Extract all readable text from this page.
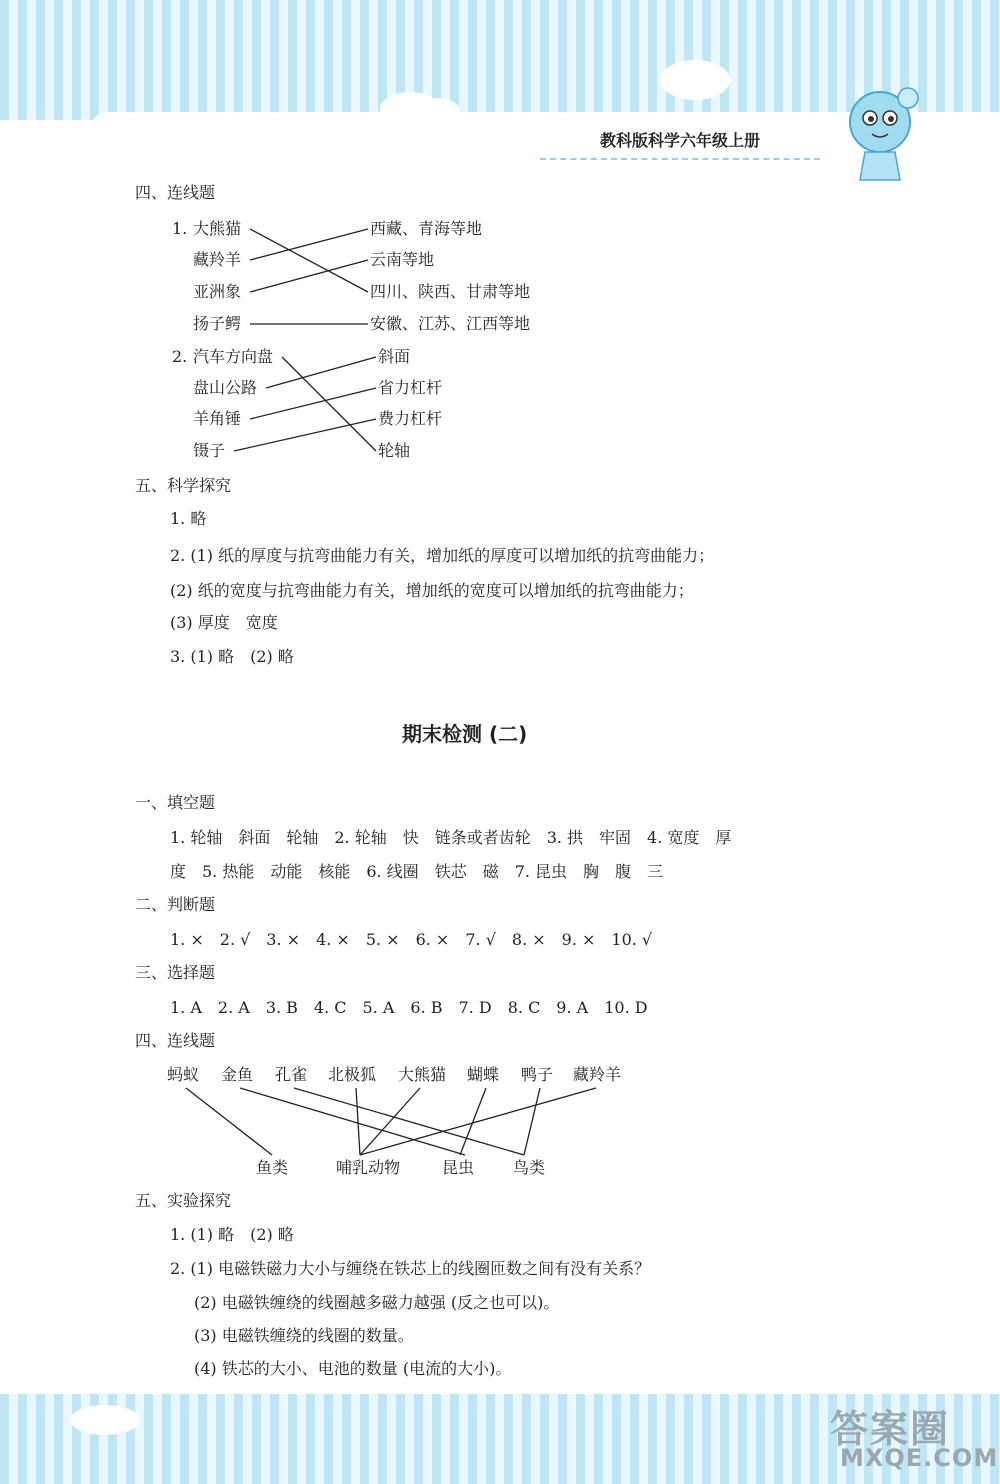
教科版科学六年级上册
答案圈
MXQE.COM
四、连线题
1. 大熊猫
藏羚羊
亚洲象
扬子鳄
西藏、青海等地
云南等地
四川、陕西、甘肃等地
安徽、江苏、江西等地
2. 汽车方向盘
盘山公路
羊角锤
镊子
斜面
省力杠杆
费力杠杆
轮轴
五、科学探究
1. 略
2. (1) 纸的厚度与抗弯曲能力有关，增加纸的厚度可以增加纸的抗弯曲能力；
(2) 纸的宽度与抗弯曲能力有关，增加纸的宽度可以增加纸的抗弯曲能力；
(3) 厚度　宽度
3. (1) 略　(2) 略
期末检测 (二)
一、填空题
1. 轮轴　斜面　轮轴　2. 轮轴　快　链条或者齿轮　3. 拱　牢固　4. 宽度　厚
度　5. 热能　动能　核能　6. 线圈　铁芯　磁　7. 昆虫　胸　腹　三
二、判断题
1. ×　2. √　3. ×　4. ×　5. ×　6. ×　7. √　8. ×　9. ×　10. √
三、选择题
1. A　2. A　3. B　4. C　5. A　6. B　7. D　8. C　9. A　10. D
四、连线题
蚂蚁 金鱼 孔雀 北极狐 大熊猫 蝴蝶 鸭子 藏羚羊
鱼类	哺乳动物	昆虫 鸟类
五、实验探究
1. (1) 略　(2) 略
2. (1) 电磁铁磁力大小与缠绕在铁芯上的线圈匝数之间有没有关系？
(2) 电磁铁缠绕的线圈越多磁力越强 (反之也可以)。
(3) 电磁铁缠绕的线圈的数量。
(4) 铁芯的大小、电池的数量 (电流的大小)。
